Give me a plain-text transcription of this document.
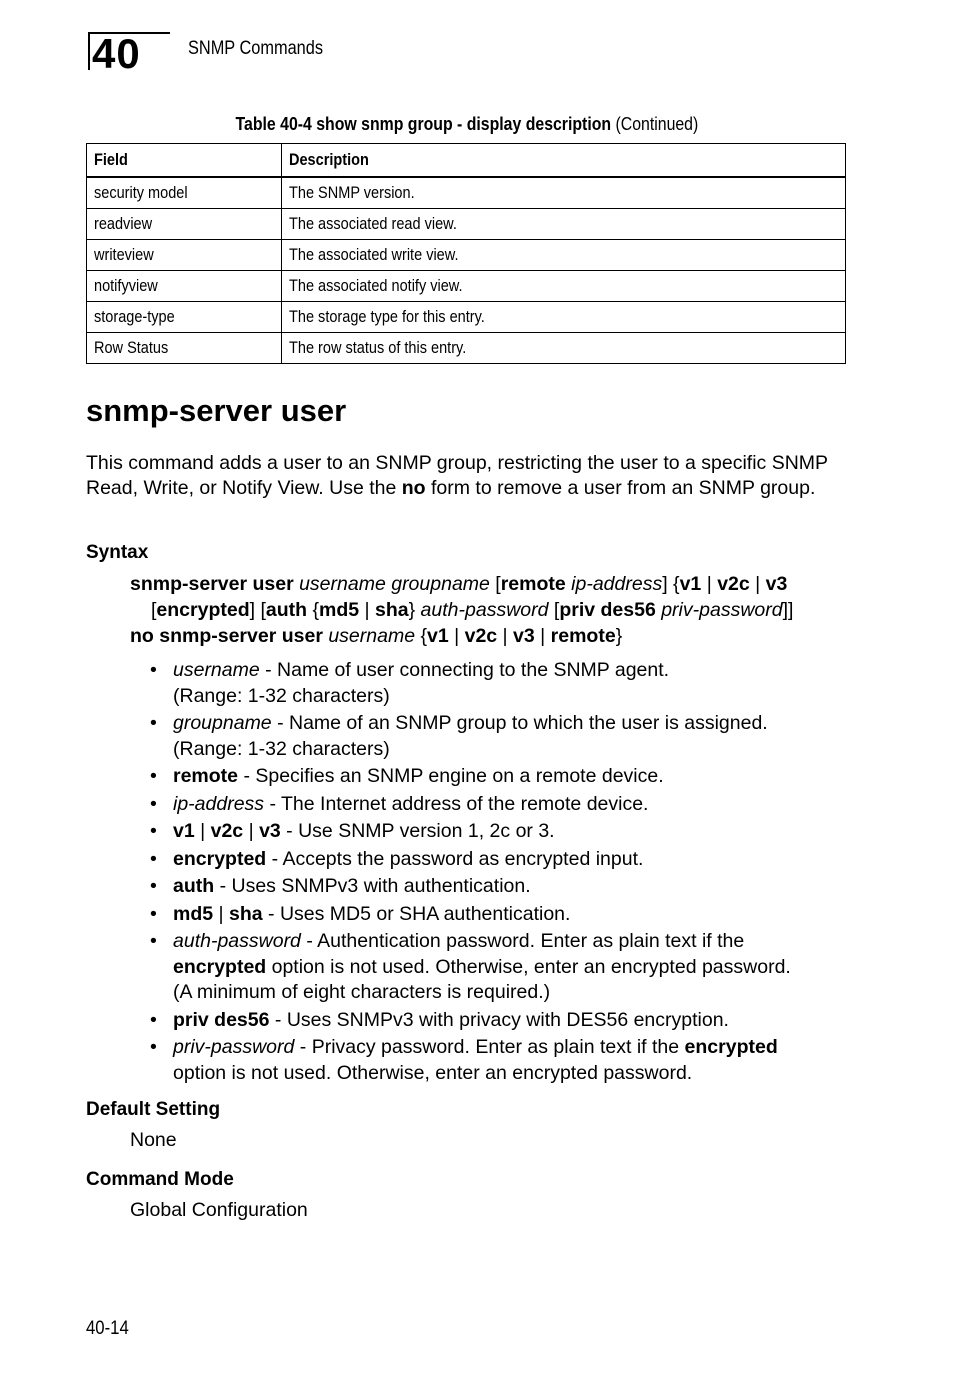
40 SNMP Commands
Table 40-4 show snmp group - display description (Continued)
Field	Description
security model	The SNMP version.
readview	The associated read view.
writeview	The associated write view.
notifyview	The associated notify view.
storage-type	The storage type for this entry.
Row Status	The row status of this entry.
snmp-server user

This command adds a user to an SNMP group, restricting the user to a specific SNMP Read, Write, or Notify View. Use the no form to remove a user from an SNMP group.

Syntax
snmp-server user username groupname [remote ip-address] {v1 | v2c | v3
[encrypted] [auth {md5 | sha} auth-password [priv des56 priv-password]]
no snmp-server user username {v1 | v2c | v3 | remote}
• username - Name of user connecting to the SNMP agent.
(Range: 1-32 characters)
• groupname - Name of an SNMP group to which the user is assigned.
(Range: 1-32 characters)
• remote - Specifies an SNMP engine on a remote device.
• ip-address - The Internet address of the remote device.
• v1 | v2c | v3 - Use SNMP version 1, 2c or 3.
• encrypted - Accepts the password as encrypted input.
• auth - Uses SNMPv3 with authentication.
• md5 | sha - Uses MD5 or SHA authentication.
• auth-password - Authentication password. Enter as plain text if the
encrypted option is not used. Otherwise, enter an encrypted password.
(A minimum of eight characters is required.)
• priv des56 - Uses SNMPv3 with privacy with DES56 encryption.
• priv-password - Privacy password. Enter as plain text if the encrypted
option is not used. Otherwise, enter an encrypted password.
Default Setting
None
Command Mode
Global Configuration
40-14
